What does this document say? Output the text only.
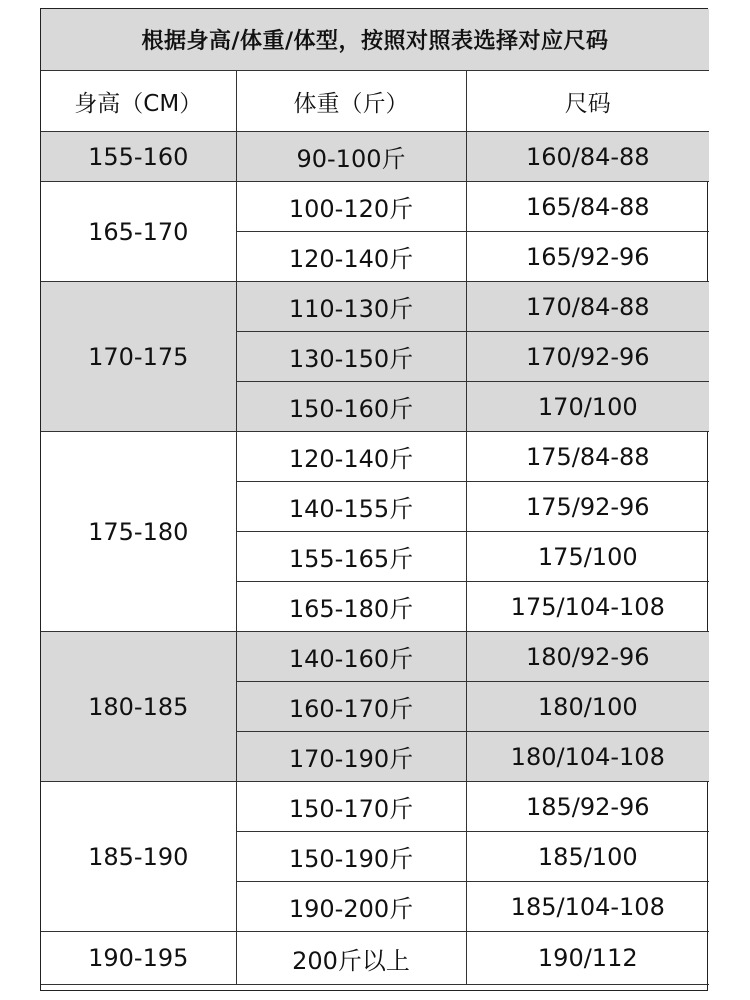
根据身高/体重/体型，按照对照表选择对应尺码		
身高（CM）	体重（斤）	尺码
155-160	90-100斤	160/84-88
165-170	100-120斤	165/84-88
	120-140斤	165/92-96
170-175	110-130斤	170/84-88
	130-150斤	170/92-96
	150-160斤	170/100
175-180	120-140斤	175/84-88
	140-155斤	175/92-96
	155-165斤	175/100
	165-180斤	175/104-108
180-185	140-160斤	180/92-96
	160-170斤	180/100
	170-190斤	180/104-108
185-190	150-170斤	185/92-96
	150-190斤	185/100
	190-200斤	185/104-108
190-195	200斤以上	190/112
